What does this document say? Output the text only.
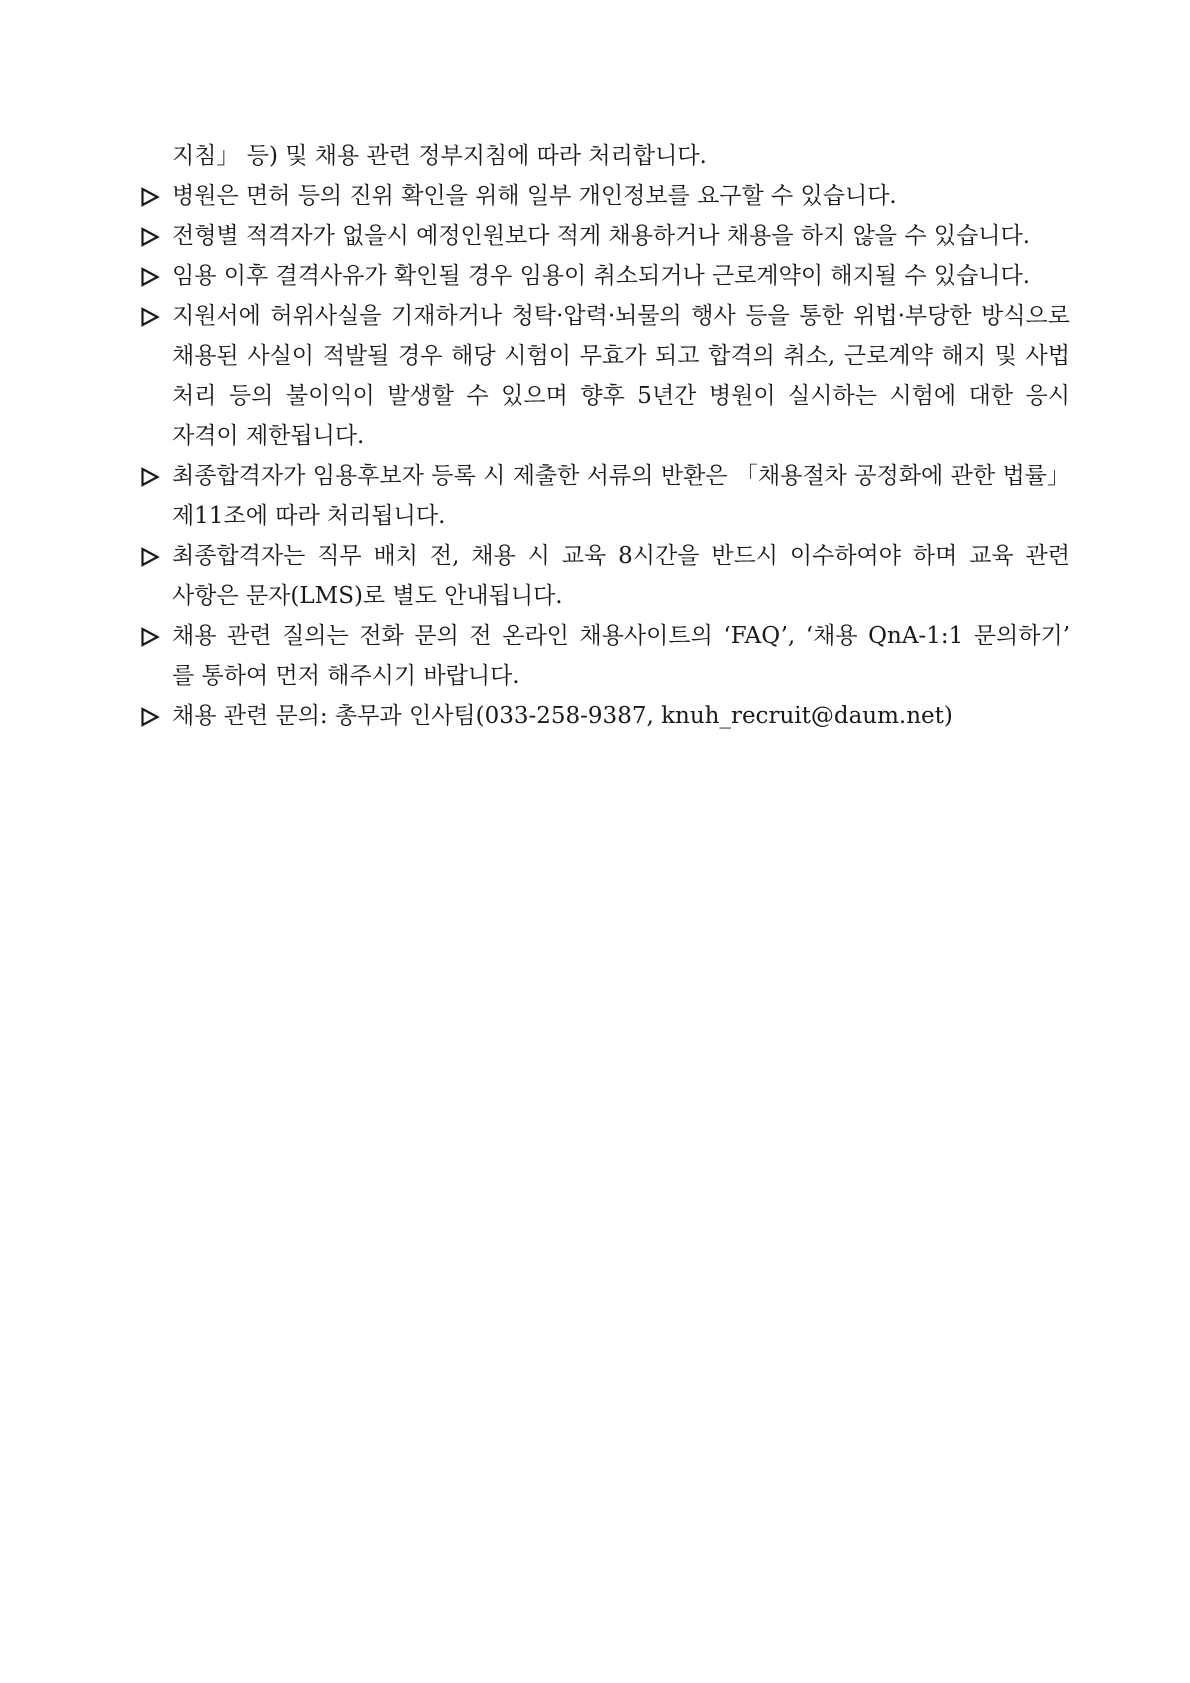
지침」 등) 및 채용 관련 정부지침에 따라 처리합니다.
병원은 면허 등의 진위 확인을 위해 일부 개인정보를 요구할 수 있습니다.
전형별 적격자가 없을시 예정인원보다 적게 채용하거나 채용을 하지 않을 수 있습니다.
임용 이후 결격사유가 확인될 경우 임용이 취소되거나 근로계약이 해지될 수 있습니다.
지원서에 허위사실을 기재하거나 청탁·압력·뇌물의 행사 등을 통한 위법·부당한 방식으로
채용된 사실이 적발될 경우 해당 시험이 무효가 되고 합격의 취소, 근로계약 해지 및 사법
처리 등의 불이익이 발생할 수 있으며 향후 5년간 병원이 실시하는 시험에 대한 응시
자격이 제한됩니다.
최종합격자가 임용후보자 등록 시 제출한 서류의 반환은 「채용절차 공정화에 관한 법률」
제11조에 따라 처리됩니다.
최종합격자는 직무 배치 전, 채용 시 교육 8시간을 반드시 이수하여야 하며 교육 관련
사항은 문자(LMS)로 별도 안내됩니다.
채용 관련 질의는 전화 문의 전 온라인 채용사이트의 ‘FAQ’, ‘채용 QnA-1:1 문의하기’
를 통하여 먼저 해주시기 바랍니다.
채용 관련 문의: 총무과 인사팀(033-258-9387, knuh_recruit@daum.net)
